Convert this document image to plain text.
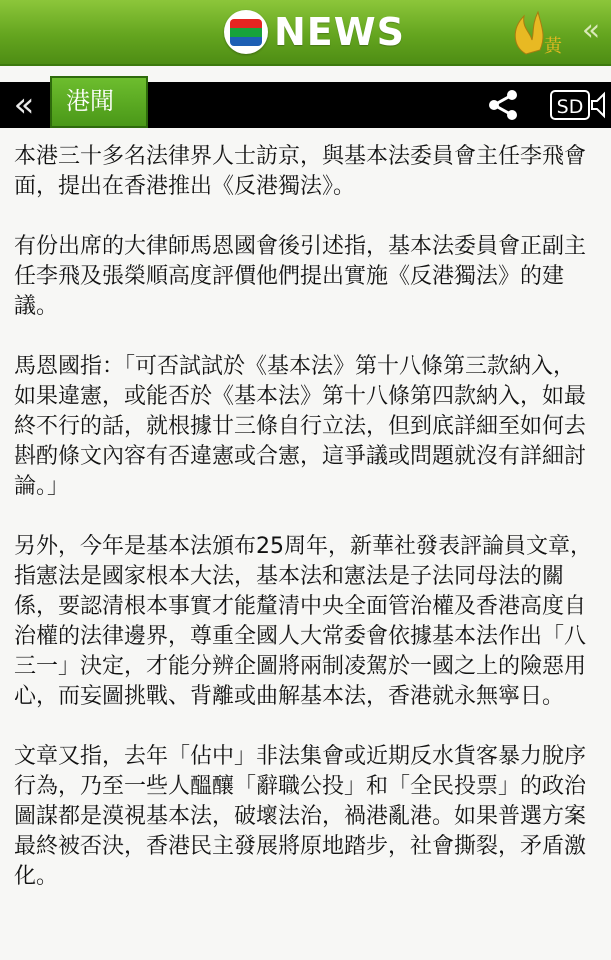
NEWS	黃 «
«	港聞	SD

本港三十多名法律界人士訪京，與基本法委員會主任李飛會面，提出在香港推出《反港獨法》。

有份出席的大律師馬恩國會後引述指，基本法委員會正副主任李飛及張榮順高度評價他們提出實施《反港獨法》的建議。

馬恩國指：「可否試試於《基本法》第十八條第三款納入，如果違憲，或能否於《基本法》第十八條第四款納入，如最終不行的話，就根據廿三條自行立法，但到底詳細至如何去斟酌條文內容有否違憲或合憲，這爭議或問題就沒有詳細討論。」

另外，今年是基本法頒布25周年，新華社發表評論員文章，指憲法是國家根本大法，基本法和憲法是子法同母法的關係，要認清根本事實才能釐清中央全面管治權及香港高度自治權的法律邊界，尊重全國人大常委會依據基本法作出「八三一」決定，才能分辨企圖將兩制凌駕於一國之上的險惡用心，而妄圖挑戰、背離或曲解基本法，香港就永無寧日。

文章又指，去年「佔中」非法集會或近期反水貨客暴力脫序行為，乃至一些人醞釀「辭職公投」和「全民投票」的政治圖謀都是漠視基本法，破壞法治，禍港亂港。如果普選方案最終被否決，香港民主發展將原地踏步，社會撕裂，矛盾激化。
